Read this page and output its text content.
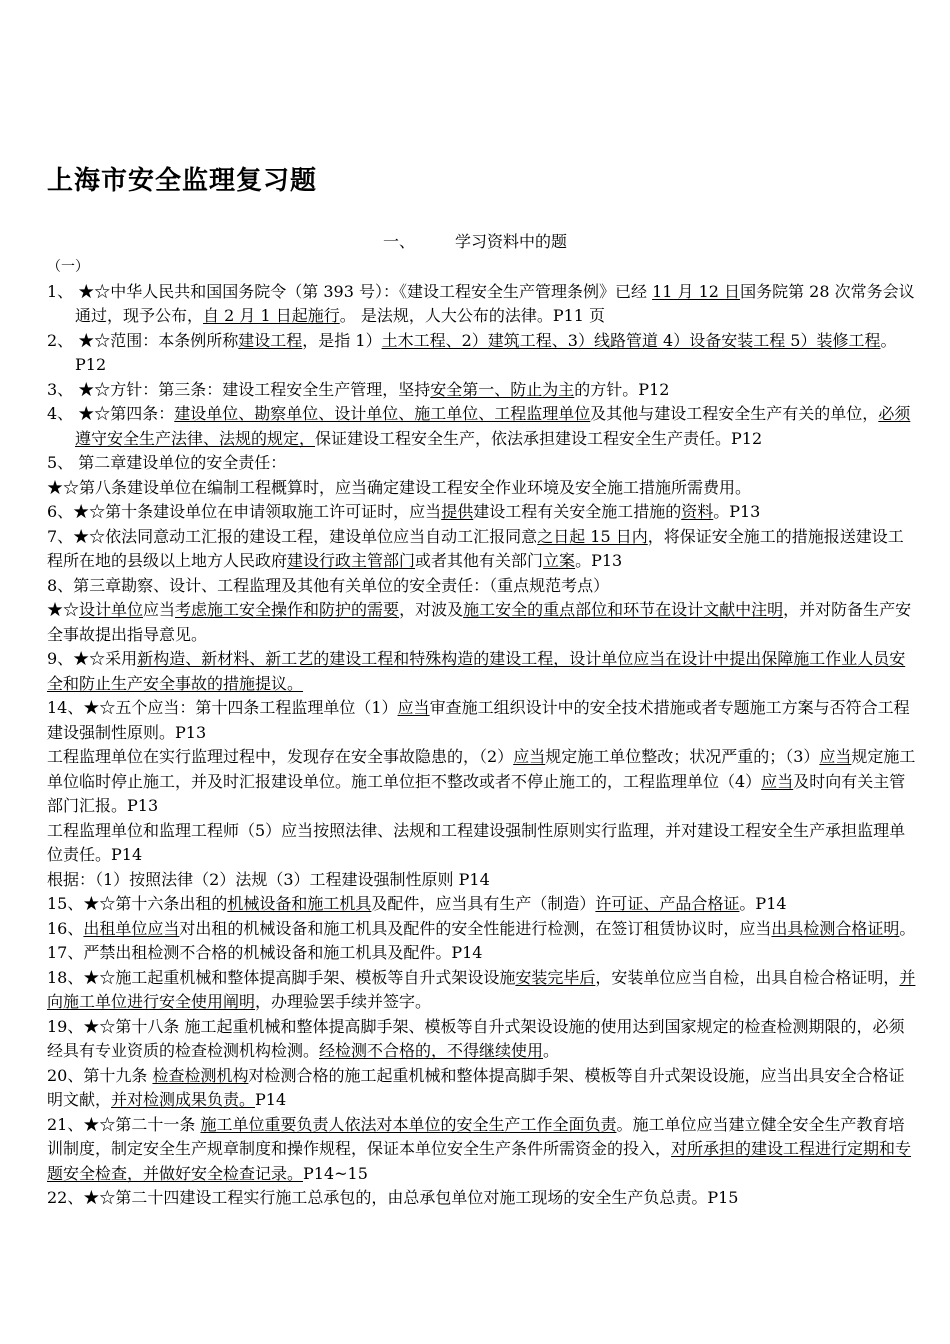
上海市安全监理复习题
一、	学习资料中的题
（一）
1、 ★☆中华人民共和国国务院令（第 393 号）：《建设工程安全生产管理条例》已经 11 月 12 日国务院第 28 次常务会议通过，现予公布，自 2 月 1 日起施行。 是法规，人大公布的法律。P11 页
2、 ★☆范围：本条例所称建设工程，是指 1）土木工程、2）建筑工程、3）线路管道 4）设备安装工程 5）装修工程。P12
3、 ★☆方针：第三条：建设工程安全生产管理，坚持安全第一、防止为主的方针。P12
4、 ★☆第四条：建设单位、勘察单位、设计单位、施工单位、工程监理单位及其他与建设工程安全生产有关的单位，必须遵守安全生产法律、法规的规定，保证建设工程安全生产，依法承担建设工程安全生产责任。P12
5、 第二章建设单位的安全责任：
★☆第八条建设单位在编制工程概算时，应当确定建设工程安全作业环境及安全施工措施所需费用。
6、★☆第十条建设单位在申请领取施工许可证时，应当提供建设工程有关安全施工措施的资料。P13
7、★☆依法同意动工汇报的建设工程，建设单位应当自动工汇报同意之日起 15 日内，将保证安全施工的措施报送建设工程所在地的县级以上地方人民政府建设行政主管部门或者其他有关部门立案。P13
8、第三章勘察、设计、工程监理及其他有关单位的安全责任：（重点规范考点）
★☆设计单位应当考虑施工安全操作和防护的需要，对波及施工安全的重点部位和环节在设计文献中注明，并对防备生产安全事故提出指导意见。
9、★☆采用新构造、新材料、新工艺的建设工程和特殊构造的建设工程，设计单位应当在设计中提出保障施工作业人员安全和防止生产安全事故的措施提议。
14、★☆五个应当：第十四条工程监理单位（1）应当审查施工组织设计中的安全技术措施或者专题施工方案与否符合工程建设强制性原则。P13
工程监理单位在实行监理过程中，发现存在安全事故隐患的，（2）应当规定施工单位整改；状况严重的；（3）应当规定施工单位临时停止施工，并及时汇报建设单位。施工单位拒不整改或者不停止施工的，工程监理单位（4）应当及时向有关主管部门汇报。P13
工程监理单位和监理工程师（5）应当按照法律、法规和工程建设强制性原则实行监理，并对建设工程安全生产承担监理单位责任。P14
根据：（1）按照法律（2）法规（3）工程建设强制性原则 P14
15、★☆第十六条出租的机械设备和施工机具及配件，应当具有生产（制造）许可证、产品合格证。P14
16、出租单位应当对出租的机械设备和施工机具及配件的安全性能进行检测，在签订租赁协议时，应当出具检测合格证明。
17、严禁出租检测不合格的机械设备和施工机具及配件。P14
18、★☆施工起重机械和整体提高脚手架、模板等自升式架设设施安装完毕后，安装单位应当自检，出具自检合格证明，并向施工单位进行安全使用阐明，办理验罢手续并签字。
19、★☆第十八条 施工起重机械和整体提高脚手架、模板等自升式架设设施的使用达到国家规定的检查检测期限的，必须经具有专业资质的检查检测机构检测。经检测不合格的，不得继续使用。
20、第十九条 检查检测机构对检测合格的施工起重机械和整体提高脚手架、模板等自升式架设设施，应当出具安全合格证明文献，并对检测成果负责。P14
21、★☆第二十一条 施工单位重要负责人依法对本单位的安全生产工作全面负责。施工单位应当建立健全安全生产教育培训制度，制定安全生产规章制度和操作规程，保证本单位安全生产条件所需资金的投入，对所承担的建设工程进行定期和专题安全检查，并做好安全检查记录。P14~15
22、★☆第二十四建设工程实行施工总承包的，由总承包单位对施工现场的安全生产负总责。P15
